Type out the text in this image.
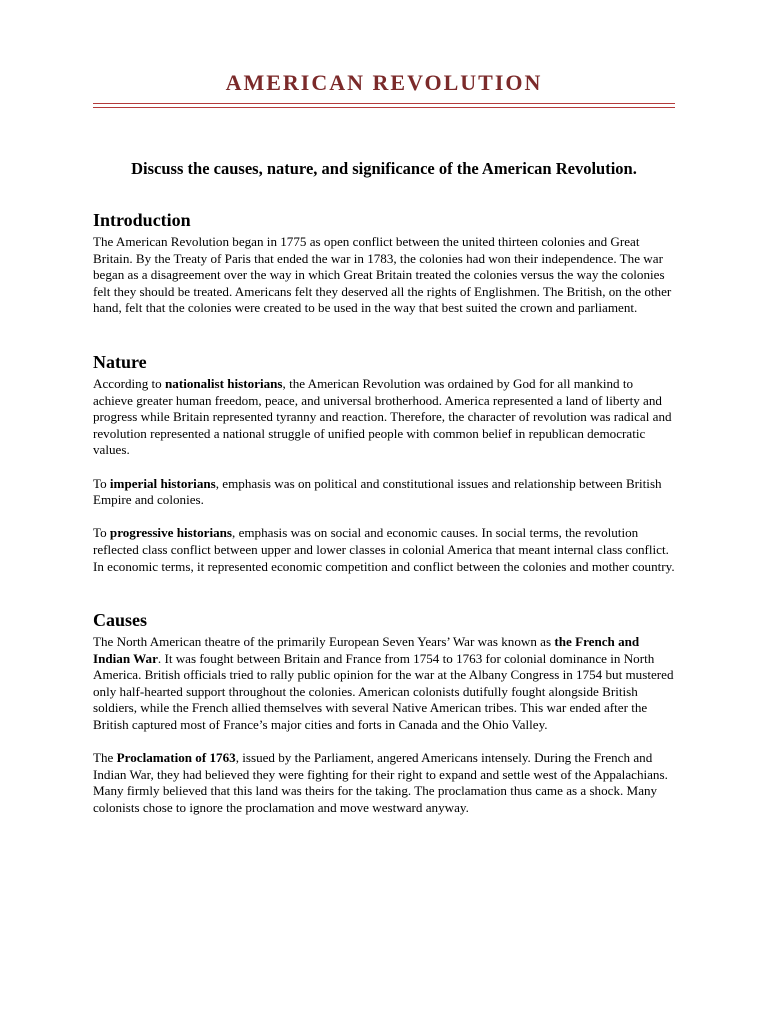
AMERICAN REVOLUTION

Discuss the causes, nature, and significance of the American Revolution.

Introduction

The American Revolution began in 1775 as open conflict between the united thirteen colonies and Great Britain. By the Treaty of Paris that ended the war in 1783, the colonies had won their independence. The war began as a disagreement over the way in which Great Britain treated the colonies versus the way the colonies felt they should be treated. Americans felt they deserved all the rights of Englishmen. The British, on the other hand, felt that the colonies were created to be used in the way that best suited the crown and parliament.

Nature

According to nationalist historians, the American Revolution was ordained by God for all mankind to achieve greater human freedom, peace, and universal brotherhood. America represented a land of liberty and progress while Britain represented tyranny and reaction. Therefore, the character of revolution was radical and revolution represented a national struggle of unified people with common belief in republican democratic values.

To imperial historians, emphasis was on political and constitutional issues and relationship between British Empire and colonies.

To progressive historians, emphasis was on social and economic causes. In social terms, the revolution reflected class conflict between upper and lower classes in colonial America that meant internal class conflict. In economic terms, it represented economic competition and conflict between the colonies and mother country.

Causes

The North American theatre of the primarily European Seven Years’ War was known as the French and Indian War. It was fought between Britain and France from 1754 to 1763 for colonial dominance in North America. British officials tried to rally public opinion for the war at the Albany Congress in 1754 but mustered only half-hearted support throughout the colonies. American colonists dutifully fought alongside British soldiers, while the French allied themselves with several Native American tribes. This war ended after the British captured most of France’s major cities and forts in Canada and the Ohio Valley.

The Proclamation of 1763, issued by the Parliament, angered Americans intensely. During the French and Indian War, they had believed they were fighting for their right to expand and settle west of the Appalachians. Many firmly believed that this land was theirs for the taking. The proclamation thus came as a shock. Many colonists chose to ignore the proclamation and move westward anyway.
